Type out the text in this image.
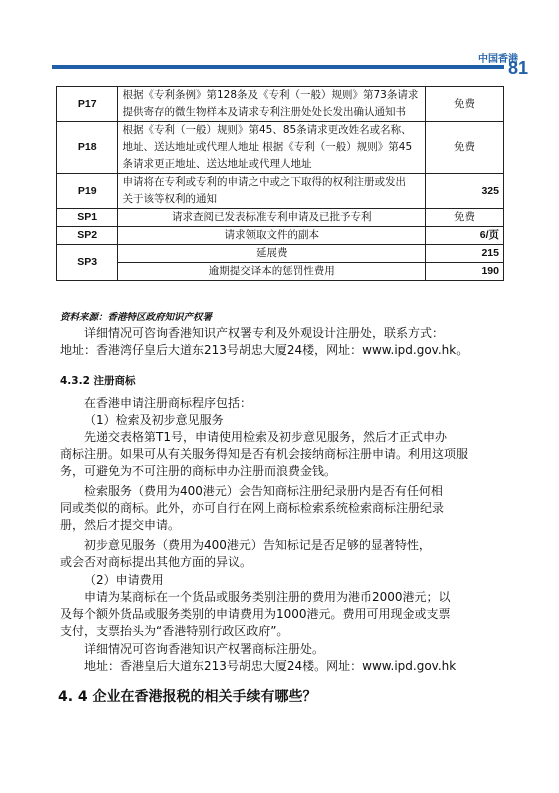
中国香港
81
P17	根据《专利条例》第128条及《专利（一般）规则》第73条请求
提供寄存的微生物样本及请求专利注册处处长发出确认通知书	免费
P18	根据《专利（一般）规则》第45、85条请求更改姓名或名称、
地址、送达地址或代理人地址 根据《专利（一般）规则》第45
条请求更正地址、送达地址或代理人地址	免费
P19	申请将在专利或专利的申请之中或之下取得的权利注册或发出
关于该等权利的通知	325
SP1	请求查阅已发表标准专利申请及已批予专利	免费
SP2	请求领取文件的副本	6/页
SP3	延展费	215

	逾期提交译本的惩罚性费用	190
资料来源：香港特区政府知识产权署
详细情况可咨询香港知识产权署专利及外观设计注册处，联系方式：
地址：香港湾仔皇后大道东213号胡忠大厦24楼，网址：www.ipd.gov.hk。
4.3.2 注册商标
在香港申请注册商标程序包括：
（1）检索及初步意见服务
先递交表格第T1号，申请使用检索及初步意见服务，然后才正式申办
商标注册。如果可从有关服务得知是否有机会接纳商标注册申请。利用这项服
务，可避免为不可注册的商标申办注册而浪费金钱。
检索服务（费用为400港元）会告知商标注册纪录册内是否有任何相
同或类似的商标。此外，亦可自行在网上商标检索系统检索商标注册纪录
册，然后才提交申请。
初步意见服务（费用为400港元）告知标记是否足够的显著特性，
或会否对商标提出其他方面的异议。
（2）申请费用
申请为某商标在一个货品或服务类别注册的费用为港币2000港元；以
及每个额外货品或服务类别的申请费用为1000港元。费用可用现金或支票
支付，支票抬头为“香港特别行政区政府”。
详细情况可咨询香港知识产权署商标注册处。
地址：香港皇后大道东213号胡忠大厦24楼。网址：www.ipd.gov.hk
4. 4 企业在香港报税的相关手续有哪些？
